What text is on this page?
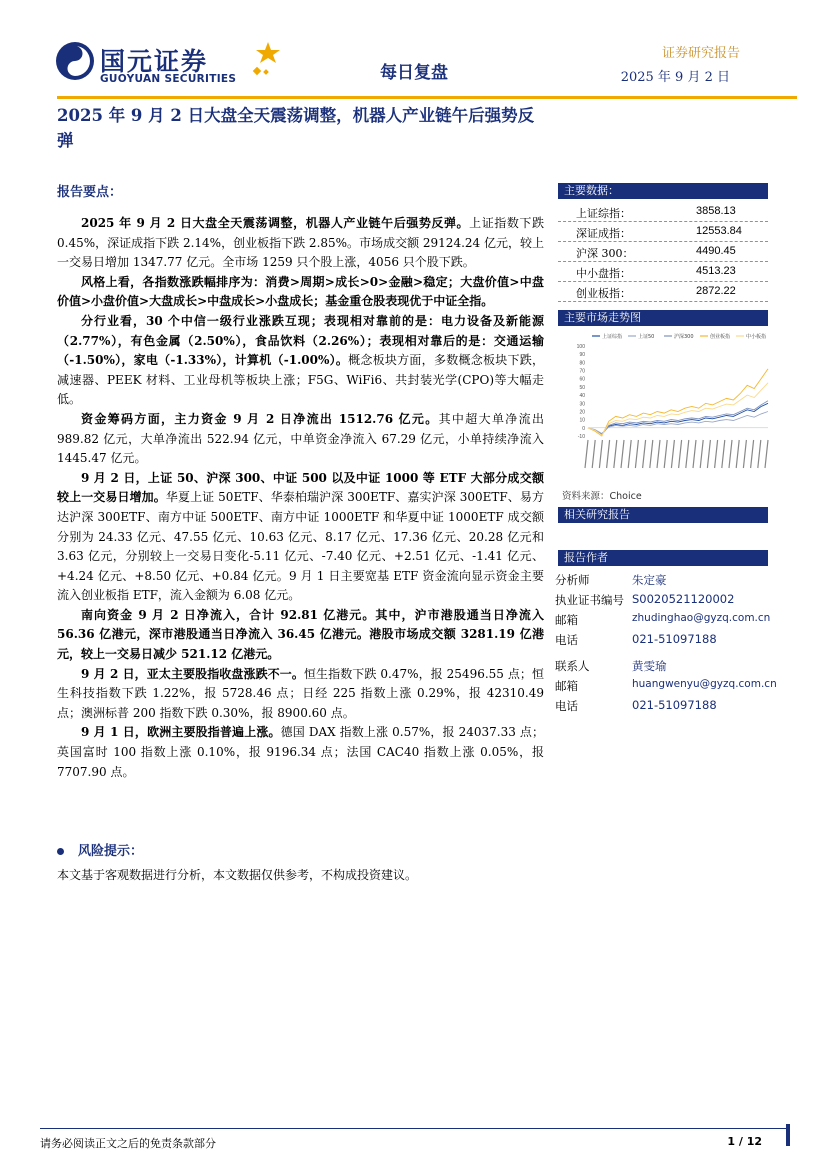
国元证券
GUOYUAN SECURITIES	每日复盘
证券研究报告
2025 年 9 月 2 日
2025 年 9 月 2 日大盘全天震荡调整，机器人产业链午后强势反弹
报告要点：

2025 年 9 月 2 日大盘全天震荡调整，机器人产业链午后强势反弹。上证指数下跌 0.45%，深证成指下跌 2.14%，创业板指下跌 2.85%。市场成交额 29124.24 亿元，较上一交易日增加 1347.77 亿元。全市场 1259 只个股上涨，4056 只个股下跌。

风格上看，各指数涨跌幅排序为：消费>周期>成长>0>金融>稳定；大盘价值>中盘价值>小盘价值>大盘成长>中盘成长>小盘成长；基金重仓股表现优于中证全指。

分行业看，30 个中信一级行业涨跌互现；表现相对靠前的是：电力设备及新能源（2.77%），有色金属（2.50%），食品饮料（2.26%）；表现相对靠后的是：交通运输（-1.50%），家电（-1.33%），计算机（-1.00%）。概念板块方面，多数概念板块下跌，减速器、PEEK 材料、工业母机等板块上涨；F5G、WiFi6、共封装光学(CPO)等大幅走低。

资金筹码方面，主力资金 9 月 2 日净流出 1512.76 亿元。其中超大单净流出 989.82 亿元，大单净流出 522.94 亿元，中单资金净流入 67.29 亿元，小单持续净流入 1445.47 亿元。

9 月 2 日，上证 50、沪深 300、中证 500 以及中证 1000 等 ETF 大部分成交额较上一交易日增加。华夏上证 50ETF、华泰柏瑞沪深 300ETF、嘉实沪深 300ETF、易方达沪深 300ETF、南方中证 500ETF、南方中证 1000ETF 和华夏中证 1000ETF 成交额分别为 24.33 亿元、47.55 亿元、10.63 亿元、8.17 亿元、17.36 亿元、20.28 亿元和 3.63 亿元，分别较上一交易日变化-5.11 亿元、-7.40 亿元、+2.51 亿元、-1.41 亿元、+4.24 亿元、+8.50 亿元、+0.84 亿元。9 月 1 日主要宽基 ETF 资金流向显示资金主要流入创业板指 ETF，流入金额为 6.08 亿元。

南向资金 9 月 2 日净流入，合计 92.81 亿港元。其中，沪市港股通当日净流入 56.36 亿港元，深市港股通当日净流入 36.45 亿港元。港股市场成交额 3281.19 亿港元，较上一交易日减少 521.12 亿港元。

9 月 2 日，亚太主要股指收盘涨跌不一。恒生指数下跌 0.47%，报 25496.55 点；恒生科技指数下跌 1.22%，报 5728.46 点；日经 225 指数上涨 0.29%，报 42310.49 点；澳洲标普 200 指数下跌 0.30%，报 8900.60 点。

9 月 1 日，欧洲主要股指普遍上涨。德国 DAX 指数上涨 0.57%，报 24037.33 点；英国富时 100 指数上涨 0.10%，报 9196.34 点；法国 CAC40 指数上涨 0.05%，报 7707.90 点。

风险提示：
本文基于客观数据进行分析，本文数据仅供参考，不构成投资建议。
主要数据：
上证综指：	3858.13
深证成指：	12553.84
沪深 300：	4490.45
中小盘指：	4513.23
创业板指：	2872.22
主要市场走势图
100
90
80
70
60
50
40
30
20
10
0
-10
上证综指	上证50	沪深300	创业板指	中小板指
资料来源：Choice
相关研究报告
报告作者
分析师	朱定豪
执业证书编号 S0020521120002
邮箱	zhudinghao@gyzq.com.cn
电话	021-51097188
联系人	黄雯瑜
邮箱	huangwenyu@gyzq.com.cn
电话	021-51097188
请务必阅读正文之后的免责条款部分	1 / 12
